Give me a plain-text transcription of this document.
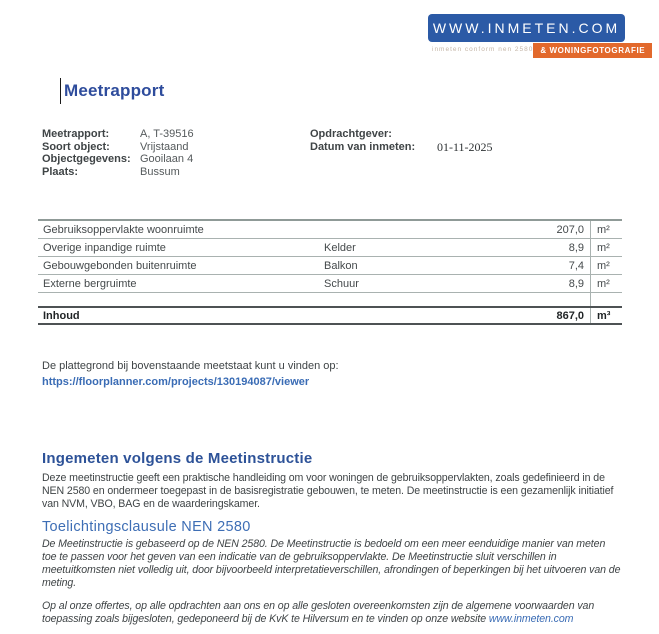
WWW.INMETEN.COM
inmeten conform nen 2580 & WONINGFOTOGRAFIE
Meetrapport
Meetrapport:	A, T-39516
Soort object:	Vrijstaand
Objectgegevens: Gooilaan 4
Plaats:	Bussum
Opdrachtgever:
Datum van inmeten:	01-11-2025
Gebruiksoppervlakte woonruimte	207,0	m²
Overige inpandige ruimte	Kelder	8,9	m²
Gebouwgebonden buitenruimte	Balkon	7,4	m²
Externe bergruimte	Schuur	8,9	m²
Inhoud	867,0	m³
De plattegrond bij bovenstaande meetstaat kunt u vinden op:
https://floorplanner.com/projects/130194087/viewer
Ingemeten volgens de Meetinstructie

Deze meetinstructie geeft een praktische handleiding om voor woningen de gebruiksoppervlakten, zoals gedefinieerd in de NEN 2580 en ondermeer toegepast in de basisregistratie gebouwen, te meten. De meetinstructie is een gezamenlijk initiatief van NVM, VBO, BAG en de waarderingskamer.

Toelichtingsclausule NEN 2580

De Meetinstructie is gebaseerd op de NEN 2580. De Meetinstructie is bedoeld om een meer eenduidige manier van meten toe te passen voor het geven van een indicatie van de gebruiksoppervlakte. De Meetinstructie sluit verschillen in meetuitkomsten niet volledig uit, door bijvoorbeeld interpretatieverschillen, afrondingen of beperkingen bij het uitvoeren van de meting.

Op al onze offertes, op alle opdrachten aan ons en op alle gesloten overeenkomsten zijn de algemene voorwaarden van toepassing zoals bijgesloten, gedeponeerd bij de KvK te Hilversum en te vinden op onze website www.inmeten.com
